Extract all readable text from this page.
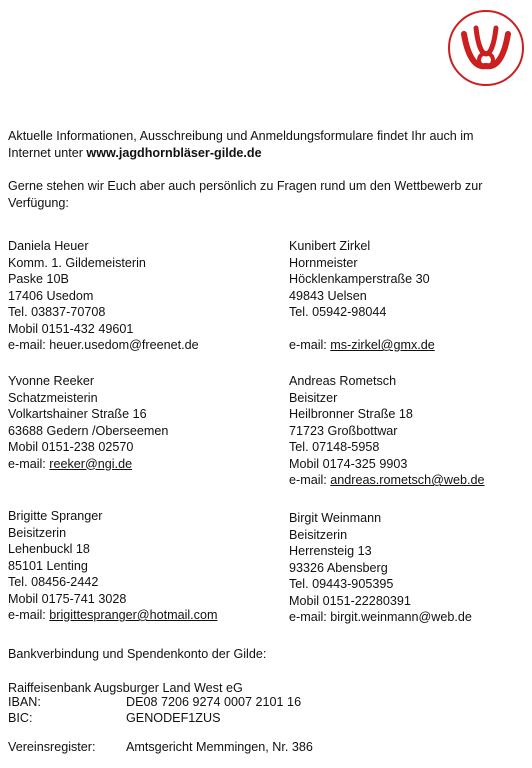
Aktuelle Informationen, Ausschreibung und Anmeldungsformulare findet Ihr auch im Internet unter www.jagdhornbläser-gilde.de

Gerne stehen wir Euch aber auch persönlich zu Fragen rund um den Wettbewerb zur Verfügung:

Daniela Heuer
Komm. 1. Gildemeisterin
Paske 10B
17406 Usedom
Tel. 03837-70708
Mobil 0151-432 49601
e-mail: heuer.usedom@freenet.de
Kunibert Zirkel
Hornmeister
Höcklenkamperstraße 30
49843 Uelsen
Tel. 05942-98044
e-mail: ms-zirkel@gmx.de
Yvonne Reeker
Schatzmeisterin
Volkartshainer Straße 16
63688 Gedern /Oberseemen
Mobil 0151-238 02570
e-mail: reeker@ngi.de
Andreas Rometsch
Beisitzer
Heilbronner Straße 18
71723 Großbottwar
Tel. 07148-5958
Mobil 0174-325 9903
e-mail: andreas.rometsch@web.de
Brigitte Spranger
Beisitzerin
Lehenbuckl 18
85101 Lenting
Tel. 08456-2442
Mobil 0175-741 3028
e-mail: brigittespranger@hotmail.com
Birgit Weinmann
Beisitzerin
Herrensteig 13
93326 Abensberg
Tel. 09443-905395
Mobil 0151-22280391
e-mail: birgit.weinmann@web.de
Bankverbindung und Spendenkonto der Gilde:
Raiffeisenbank Augsburger Land West eG
IBAN:	DE08 7206 9274 0007 2101 16
BIC:	GENODEF1ZUS
Vereinsregister: Amtsgericht Memmingen, Nr. 386
